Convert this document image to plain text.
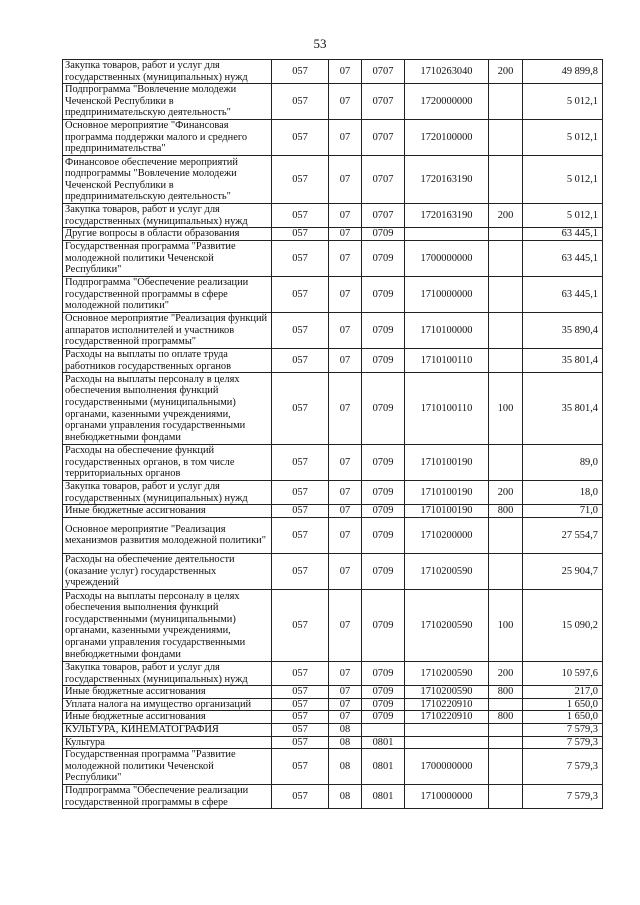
53
Закупка товаров, работ и услуг для государственных (муниципальных) нужд	057	07	0707	1710263040	200	49 899,8
Подпрограмма "Вовлечение молодежи Чеченской Республики в предпринимательскую деятельность"	057	07	0707	1720000000		5 012,1
Основное мероприятие "Финансовая программа поддержки малого и среднего предпринимательства"	057	07	0707	1720100000		5 012,1
Финансовое обеспечение мероприятий подпрограммы "Вовлечение молодежи Чеченской Республики в предпринимательскую деятельность"	057	07	0707	1720163190		5 012,1
Закупка товаров, работ и услуг для государственных (муниципальных) нужд	057	07	0707	1720163190	200	5 012,1
Другие вопросы в области образования	057	07	0709			63 445,1
Государственная программа "Развитие молодежной политики Чеченской Республики"	057	07	0709	1700000000		63 445,1
Подпрограмма "Обеспечение реализации государственной программы в сфере молодежной политики"	057	07	0709	1710000000		63 445,1
Основное мероприятие "Реализация функций аппаратов исполнителей и участников государственной программы"	057	07	0709	1710100000		35 890,4
Расходы на выплаты по оплате труда работников государственных органов	057	07	0709	1710100110		35 801,4
Расходы на выплаты персоналу в целях обеспечения выполнения функций государственными (муниципальными) органами, казенными учреждениями, органами управления государственными внебюджетными фондами	057	07	0709	1710100110	100	35 801,4
Расходы на обеспечение функций государственных органов, в том числе территориальных органов	057	07	0709	1710100190		89,0
Закупка товаров, работ и услуг для государственных (муниципальных) нужд	057	07	0709	1710100190	200	18,0
Иные бюджетные ассигнования	057	07	0709	1710100190	800	71,0
Основное мероприятие "Реализация механизмов развития молодежной политики"	057	07	0709	1710200000		27 554,7
Расходы на обеспечение деятельности (оказание услуг) государственных учреждений	057	07	0709	1710200590		25 904,7
Расходы на выплаты персоналу в целях обеспечения выполнения функций государственными (муниципальными) органами, казенными учреждениями, органами управления государственными внебюджетными фондами	057	07	0709	1710200590	100	15 090,2
Закупка товаров, работ и услуг для государственных (муниципальных) нужд	057	07	0709	1710200590	200	10 597,6
Иные бюджетные ассигнования	057	07	0709	1710200590	800	217,0
Уплата налога на имущество организаций	057	07	0709	1710220910		1 650,0
Иные бюджетные ассигнования	057	07	0709	1710220910	800	1 650,0
КУЛЬТУРА, КИНЕМАТОГРАФИЯ	057	08				7 579,3
Культура	057	08	0801			7 579,3
Государственная программа "Развитие молодежной политики Чеченской Республики"	057	08	0801	1700000000		7 579,3
Подпрограмма "Обеспечение реализации государственной программы в сфере	057	08	0801	1710000000		7 579,3
